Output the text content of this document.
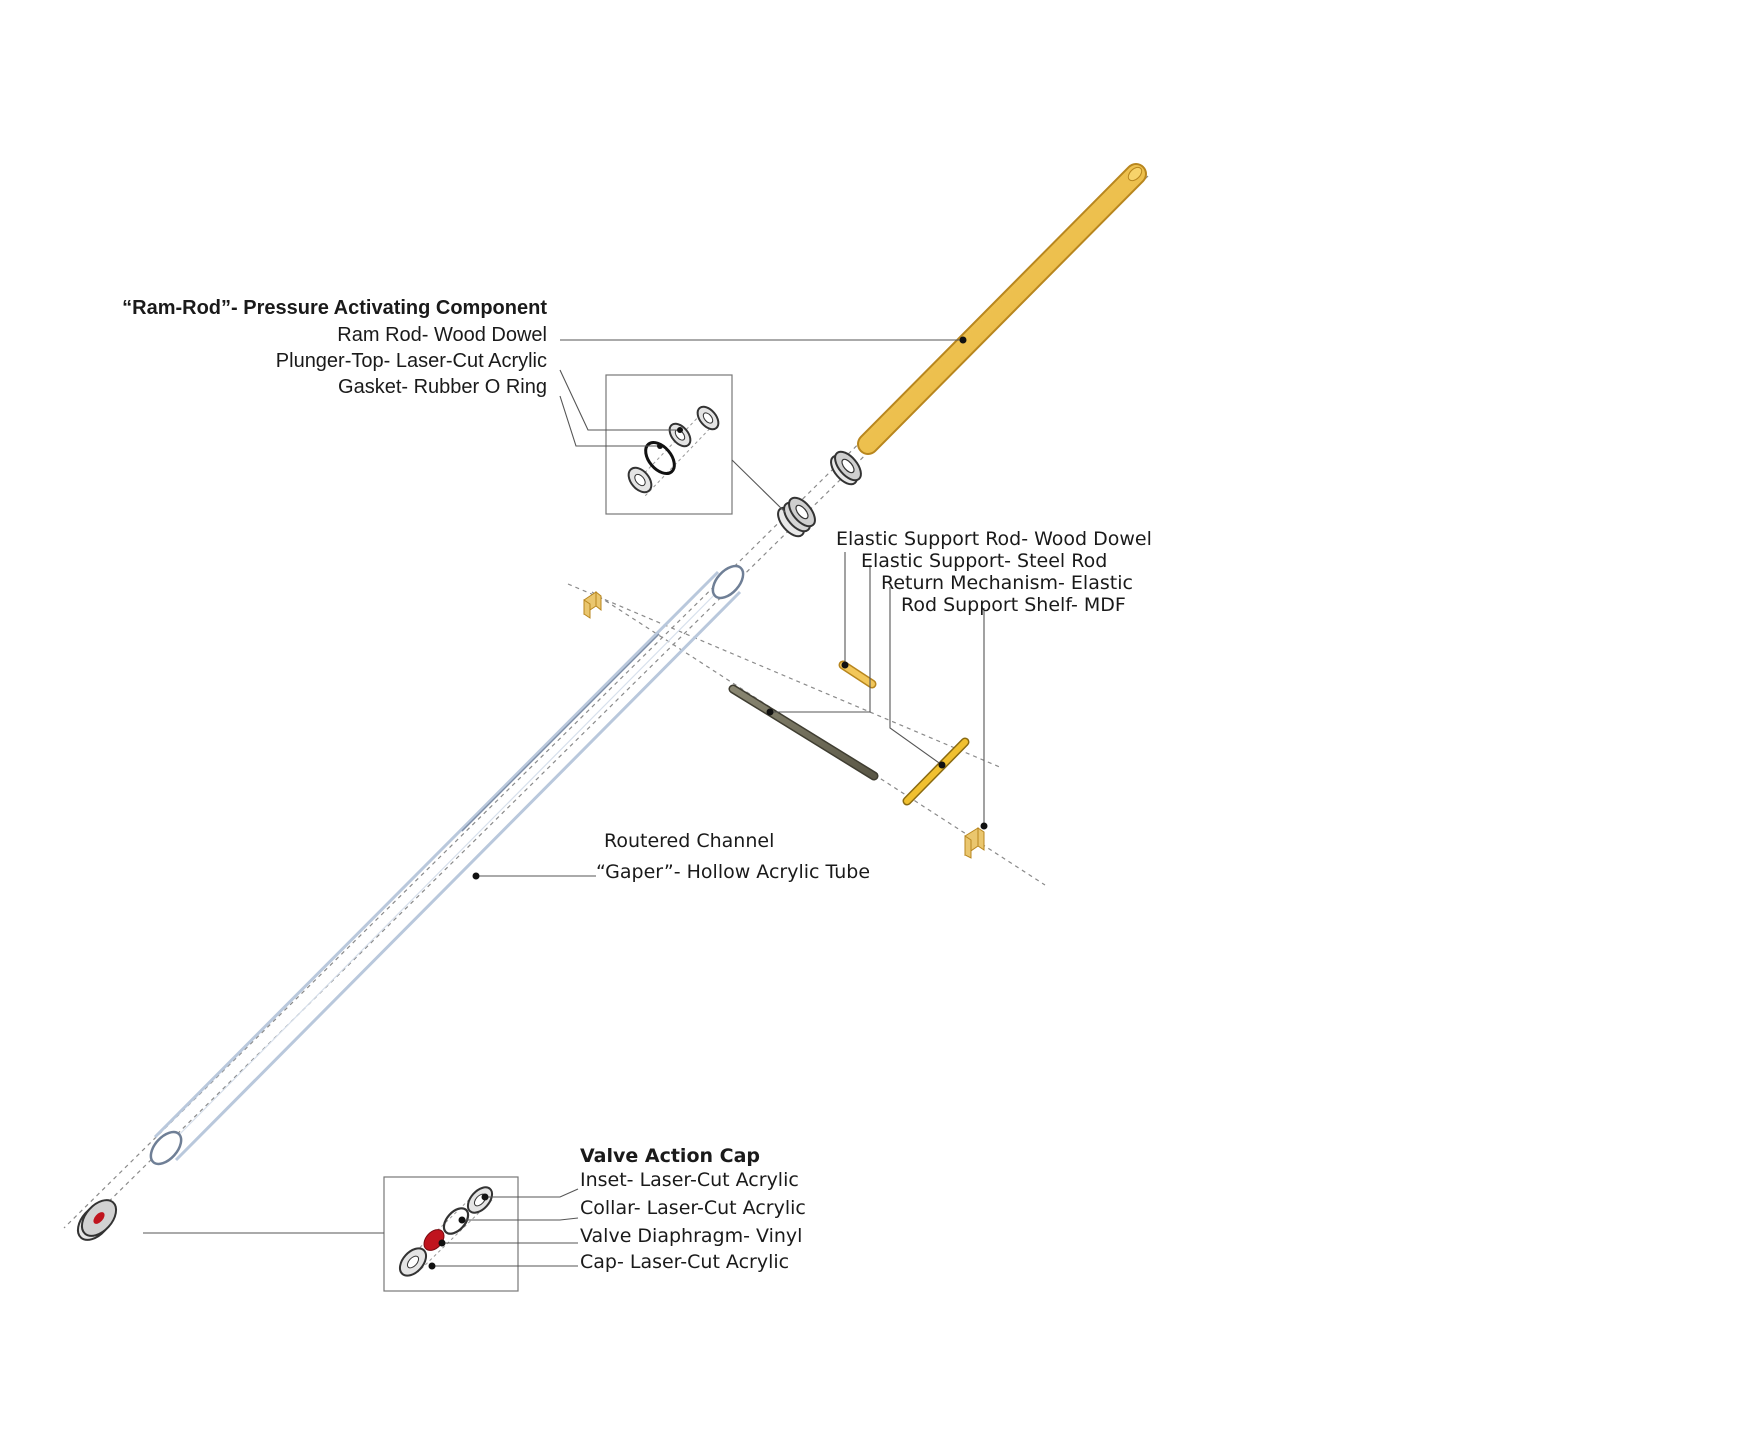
“Ram-Rod”- Pressure Activating Component
Ram Rod- Wood Dowel
Plunger-Top- Laser-Cut Acrylic
Gasket- Rubber O Ring
Elastic Support Rod- Wood Dowel
Elastic Support- Steel Rod
Return Mechanism- Elastic
Rod Support Shelf- MDF
Routered Channel
“Gaper”- Hollow Acrylic Tube
Valve Action Cap
Inset- Laser-Cut Acrylic
Collar- Laser-Cut Acrylic
Valve Diaphragm- Vinyl
Cap- Laser-Cut Acrylic
